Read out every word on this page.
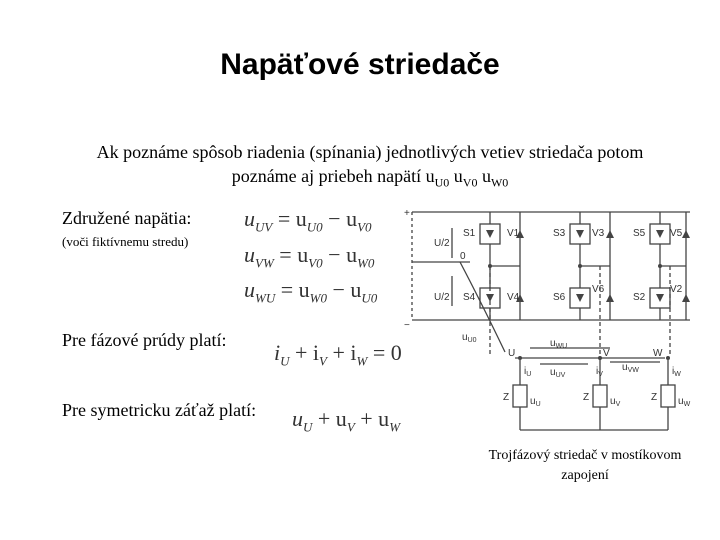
Napäťové striedače
Ak poznáme spôsob riadenia (spínania) jednotlivých vetiev striedača potom
poznáme aj priebeh napätí $u_{U0}$ $u_{V0}$ $u_{W0}$
Združené napätia:
(voči fiktívnemu stredu)
$u_{UV} = u_{U0} - u_{V0}$
$u_{VW} = u_{V0} - u_{W0}$
$u_{WU} = u_{W0} - u_{U0}$
Pre fázové prúdy platí: $i_U + i_V + i_W = 0$
Pre symetricku záťaž platí: $u_U + u_V + u_W$
+
−
U/2
U/2
0
S1	S3	S5
S4	S6	S2
V1	V3	V5
V4
V6	V2
$u_{U0}$	$u_{WU}$
$u_{UV}$
$u_{VW}$
U	V	W
$i_U$	$i_V$	$i_W$
Z	Z	Z
$u_U$	$u_V$	$u_W$
Trojfázový striedač v mostíkovom
zapojení
